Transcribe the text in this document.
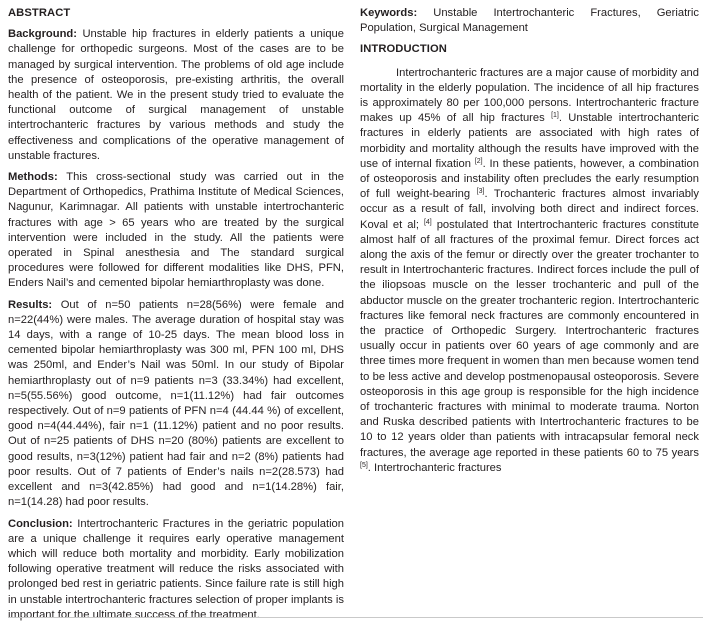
ABSTRACT

Background: Unstable hip fractures in elderly patients a unique challenge for orthopedic surgeons. Most of the cases are to be managed by surgical intervention. The problems of old age include the presence of osteoporosis, pre-existing arthritis, the overall health of the patient. We in the present study tried to evaluate the functional outcome of surgical management of unstable intertrochanteric fractures by various methods and study the effectiveness and complications of the operative management of unstable fractures.

Methods: This cross-sectional study was carried out in the Department of Orthopedics, Prathima Institute of Medical Sciences, Nagunur, Karimnagar. All patients with unstable intertrochanteric fractures with age > 65 years who are treated by the surgical intervention were included in the study. All the patients were operated in Spinal anesthesia and The standard surgical procedures were followed for different modalities like DHS, PFN, Enders Nail’s and cemented bipolar hemiarthroplasty was done.

Results: Out of n=50 patients n=28(56%) were female and n=22(44%) were males. The average duration of hospital stay was 14 days, with a range of 10-25 days. The mean blood loss in cemented bipolar hemiarthroplasty was 300 ml, PFN 100 ml, DHS was 250ml, and Ender’s Nail was 50ml. In our study of Bipolar hemiarthroplasty out of n=9 patients n=3 (33.34%) had excellent, n=5(55.56%) good outcome, n=1(11.12%) had fair outcomes respectively. Out of n=9 patients of PFN n=4 (44.44 %) of excellent, good n=4(44.44%), fair n=1 (11.12%) patient and no poor results. Out of n=25 patients of DHS n=20 (80%) patients are excellent to good results, n=3(12%) patient had fair and n=2 (8%) patients had poor results. Out of 7 patients of Ender’s nails n=2(28.573) had excellent and n=3(42.85%) had good and n=1(14.28%) fair, n=1(14.28) had poor results.

Conclusion: Intertrochanteric Fractures in the geriatric population are a unique challenge it requires early operative management which will reduce both mortality and morbidity. Early mobilization following operative treatment will reduce the risks associated with prolonged bed rest in geriatric patients. Since failure rate is still high in unstable intertrochanteric fractures selection of proper implants is important for the ultimate success of the treatment.

Keywords: Unstable Intertrochanteric Fractures, Geriatric Population, Surgical Management

INTRODUCTION

Intertrochanteric fractures are a major cause of morbidity and mortality in the elderly population. The incidence of all hip fractures is approximately 80 per 100,000 persons. Intertrochanteric fracture makes up 45% of all hip fractures [1]. Unstable intertrochanteric fractures in elderly patients are associated with high rates of morbidity and mortality although the results have improved with the use of internal fixation [2]. In these patients, however, a combination of osteoporosis and instability often precludes the early resumption of full weight-bearing [3]. Trochanteric fractures almost invariably occur as a result of fall, involving both direct and indirect forces. Koval et al; [4] postulated that Intertrochanteric fractures constitute almost half of all fractures of the proximal femur. Direct forces act along the axis of the femur or directly over the greater trochanter to result in Intertrochanteric fractures. Indirect forces include the pull of the iliopsoas muscle on the lesser trochanteric and pull of the abductor muscle on the greater trochanteric region. Intertrochanteric fractures like femoral neck fractures are commonly encountered in the practice of Orthopedic Surgery. Intertrochanteric fractures usually occur in patients over 60 years of age commonly and are three times more frequent in women than men because women tend to be less active and develop postmenopausal osteoporosis. Severe osteoporosis in this age group is responsible for the high incidence of trochanteric fractures with minimal to moderate trauma. Norton and Ruska described patients with Intertrochanteric fractures to be 10 to 12 years older than patients with intracapsular femoral neck fractures, the average age reported in these patients 60 to 75 years [5]. Intertrochanteric fractures
